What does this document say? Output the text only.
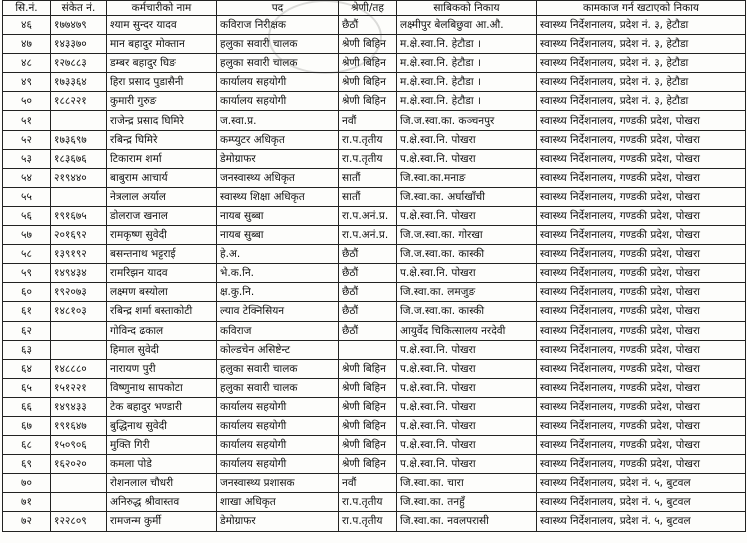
सि.नं.	संकेत नं.	कर्मचारीको नाम	पद	श्रेणी/तह	साबिकको निकाय	कामकाज गर्न खटाएको निकाय
४६	१७७४७९	श्याम सुन्दर यादव	कविराज निरीक्षक	छैठौं	लक्ष्मीपुर बेलबिछुवा आ.औ.	स्वास्थ्य निर्देशनालय, प्रदेश नं. ३, हेटौडा
४७	१४३३७०	मान बहादुर मोक्तान	हलुका सवारी चालक	श्रेणी बिहिन	म.क्षे.स्वा.नि. हेटौडा ।	स्वास्थ्य निर्देशनालय, प्रदेश नं. ३, हेटौडा
४८	१२७८८३	डम्बर बहादुर घिङ	हलुका सवारी चालक	श्रेणी बिहिन	म.क्षे.स्वा.नि. हेटौडा ।	स्वास्थ्य निर्देशनालय, प्रदेश नं. ३, हेटौडा
४९	१७३३६४	हिरा प्रसाद पुडासैनी	कार्यालय सहयोगी	श्रेणी बिहिन	म.क्षे.स्वा.नि. हेटौडा ।	स्वास्थ्य निर्देशनालय, प्रदेश नं. ३, हेटौडा
५०	१८८२२१	कुमारी गुरुङ	कार्यालय सहयोगी	श्रेणी बिहिन	म.क्षे.स्वा.नि. हेटौडा ।	स्वास्थ्य निर्देशनालय, प्रदेश नं. ३, हेटौडा
५१		राजेन्द्र प्रसाद घिमिरे	ज.स्वा.प्र.	नवौं	जि.ज.स्वा.का. कञ्चनपुर	स्वास्थ्य निर्देशनालय, गण्डकी प्रदेश, पोखरा
५२	१७३६९७	रबिन्द्र घिमिरे	कम्प्युटर अधिकृत	रा.प.तृतीय	प.क्षे.स्वा.नि. पोखरा	स्वास्थ्य निर्देशनालय, गण्डकी प्रदेश, पोखरा
५३	१८३६७६	टिकाराम शर्मा	डेमोग्राफर	रा.प.तृतीय	प.क्षे.स्वा.नि. पोखरा	स्वास्थ्य निर्देशनालय, गण्डकी प्रदेश, पोखरा
५४	२१९४४०	बाबुराम आचार्य	जनस्वास्थ्य अधिकृत	सातौं	जि.स्वा.का.मनाङ	स्वास्थ्य निर्देशनालय, गण्डकी प्रदेश, पोखरा
५५		नेत्रलाल अर्याल	स्वास्थ्य शिक्षा अधिकृत	सातौं	जि.स्वा.का. अर्घाखाँची	स्वास्थ्य निर्देशनालय, गण्डकी प्रदेश, पोखरा
५६	१९१६७५	डोलराज खनाल	नायब सुब्बा	रा.प.अनं.प्र.	प.क्षे.स्वा.नि. पोखरा	स्वास्थ्य निर्देशनालय, गण्डकी प्रदेश, पोखरा
५७	२०१६९२	रामकृष्ण सुवेदी	नायब सुब्बा	रा.प.अनं.प्र.	जि.ज.स्वा.का. गोरखा	स्वास्थ्य निर्देशनालय, गण्डकी प्रदेश, पोखरा
५८	१३९१९२	बसन्तनाथ भट्टराई	हे.अ.	छैठौं	जि.ज.स्वा.का. कास्की	स्वास्थ्य निर्देशनालय, गण्डकी प्रदेश, पोखरा
५९	१४९४३४	रामरिझन यादव	भे.क.नि.	छैठौं	प.क्षे.स्वा.नि. पोखरा	स्वास्थ्य निर्देशनालय, गण्डकी प्रदेश, पोखरा
६०	१९२०७३	लक्ष्मण बस्योला	क्ष.कु.नि.	छैठौं	जि.स्वा.का. लमजुङ	स्वास्थ्य निर्देशनालय, गण्डकी प्रदेश, पोखरा
६१	१४८१०३	रबिन्द्र शर्मा बस्ताकोटी	ल्याव टेक्निसियन	छैठौं	जि.ज.स्वा.का. कास्की	स्वास्थ्य निर्देशनालय, गण्डकी प्रदेश, पोखरा
६२		गोविन्द ढकाल	कविराज	छैठौं	आयुर्वेद चिकित्सालय नरदेवी	स्वास्थ्य निर्देशनालय, गण्डकी प्रदेश, पोखरा
६३		हिमाल सुवेदी	कोल्डचेन असिष्टेन्ट		प.क्षे.स्वा.नि. पोखरा	स्वास्थ्य निर्देशनालय, गण्डकी प्रदेश, पोखरा
६४	१४८८८०	नारायण पुरी	हलुका सवारी चालक	श्रेणी बिहिन	प.क्षे.स्वा.नि. पोखरा	स्वास्थ्य निर्देशनालय, गण्डकी प्रदेश, पोखरा
६५	१५१२२१	विष्णुनाथ सापकोटा	हलुका सवारी चालक	श्रेणी बिहिन	प.क्षे.स्वा.नि. पोखरा	स्वास्थ्य निर्देशनालय, गण्डकी प्रदेश, पोखरा
६६	१४९४३३	टेक बहादुर भण्डारी	कार्यालय सहयोगी	श्रेणी बिहिन	प.क्षे.स्वा.नि. पोखरा	स्वास्थ्य निर्देशनालय, गण्डकी प्रदेश, पोखरा
६७	१९१६४७	बुद्धिनाथ सुवेदी	कार्यालय सहयोगी	श्रेणी बिहिन	प.क्षे.स्वा.नि. पोखरा	स्वास्थ्य निर्देशनालय, गण्डकी प्रदेश, पोखरा
६८	१५०९०६	मुक्ति गिरी	कार्यालय सहयोगी	श्रेणी बिहिन	प.क्षे.स्वा.नि. पोखरा	स्वास्थ्य निर्देशनालय, गण्डकी प्रदेश, पोखरा
६९	१६२०२०	कमला पोडे	कार्यालय सहयोगी	श्रेणी बिहिन	प.क्षे.स्वा.नि. पोखरा	स्वास्थ्य निर्देशनालय, गण्डकी प्रदेश, पोखरा
७०		रोशनलाल चौधरी	जनस्वास्थ्य प्रशासक	नवौं	जि.स्वा.का. चारा	स्वास्थ्य निर्देशनालय, प्रदेश नं. ५, बुटवल
७१		अनिरुद्ध श्रीवास्तव	शाखा अधिकृत	रा.प.तृतीय	जि.स्वा.का. तनहुँ	स्वास्थ्य निर्देशनालय, प्रदेश नं. ५, बुटवल
७२	१२२८०९	रामजन्म कुर्मी	डेमोग्राफर	रा.प.तृतीय	जि.स्वा.का. नवलपरासी	स्वास्थ्य निर्देशनालय, प्रदेश नं. ५, बुटवल
